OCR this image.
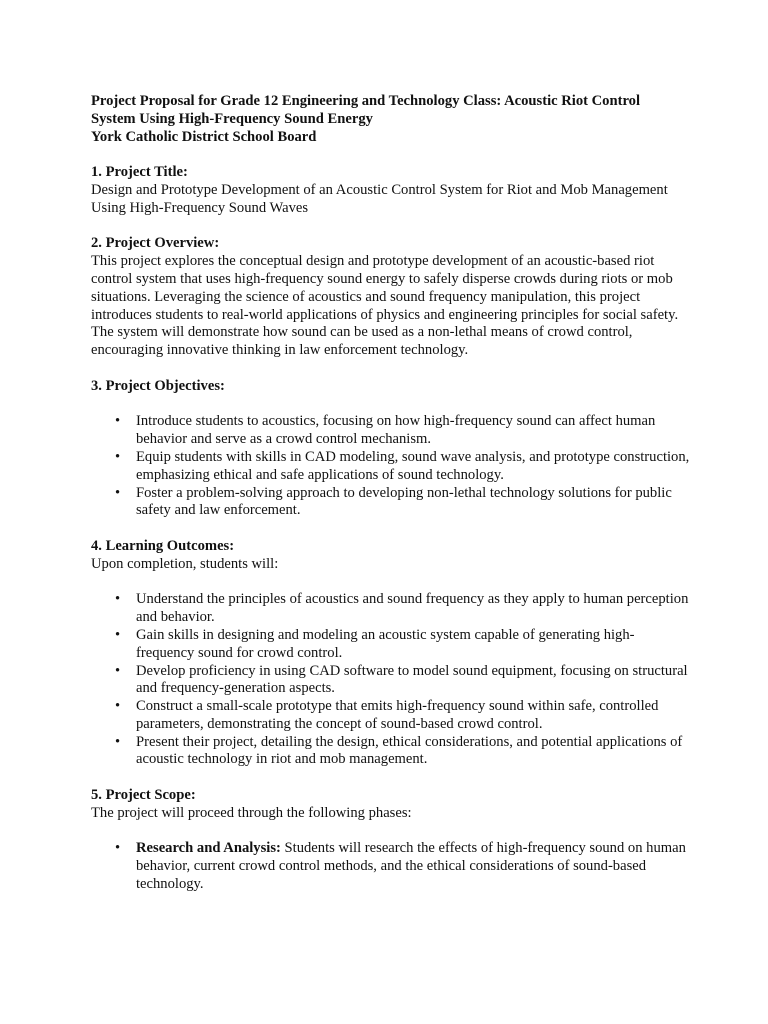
Project Proposal for Grade 12 Engineering and Technology Class: Acoustic Riot Control
System Using High-Frequency Sound Energy
York Catholic District School Board
1. Project Title:

Design and Prototype Development of an Acoustic Control System for Riot and Mob Management Using High-Frequency Sound Waves

2. Project Overview:

This project explores the conceptual design and prototype development of an acoustic-based riot control system that uses high-frequency sound energy to safely disperse crowds during riots or mob situations. Leveraging the science of acoustics and sound frequency manipulation, this project introduces students to real-world applications of physics and engineering principles for social safety. The system will demonstrate how sound can be used as a non-lethal means of crowd control, encouraging innovative thinking in law enforcement technology.

3. Project Objectives:
• Introduce students to acoustics, focusing on how high-frequency sound can affect human behavior and serve as a crowd control mechanism.
• Equip students with skills in CAD modeling, sound wave analysis, and prototype construction, emphasizing ethical and safe applications of sound technology.
• Foster a problem-solving approach to developing non-lethal technology solutions for public safety and law enforcement.
4. Learning Outcomes:

Upon completion, students will:

• Understand the principles of acoustics and sound frequency as they apply to human perception and behavior.
• Gain skills in designing and modeling an acoustic system capable of generating high-frequency sound for crowd control.
• Develop proficiency in using CAD software to model sound equipment, focusing on structural and frequency-generation aspects.
• Construct a small-scale prototype that emits high-frequency sound within safe, controlled parameters, demonstrating the concept of sound-based crowd control.
• Present their project, detailing the design, ethical considerations, and potential applications of acoustic technology in riot and mob management.
5. Project Scope:

The project will proceed through the following phases:

• Research and Analysis: Students will research the effects of high-frequency sound on human behavior, current crowd control methods, and the ethical considerations of sound-based technology.
